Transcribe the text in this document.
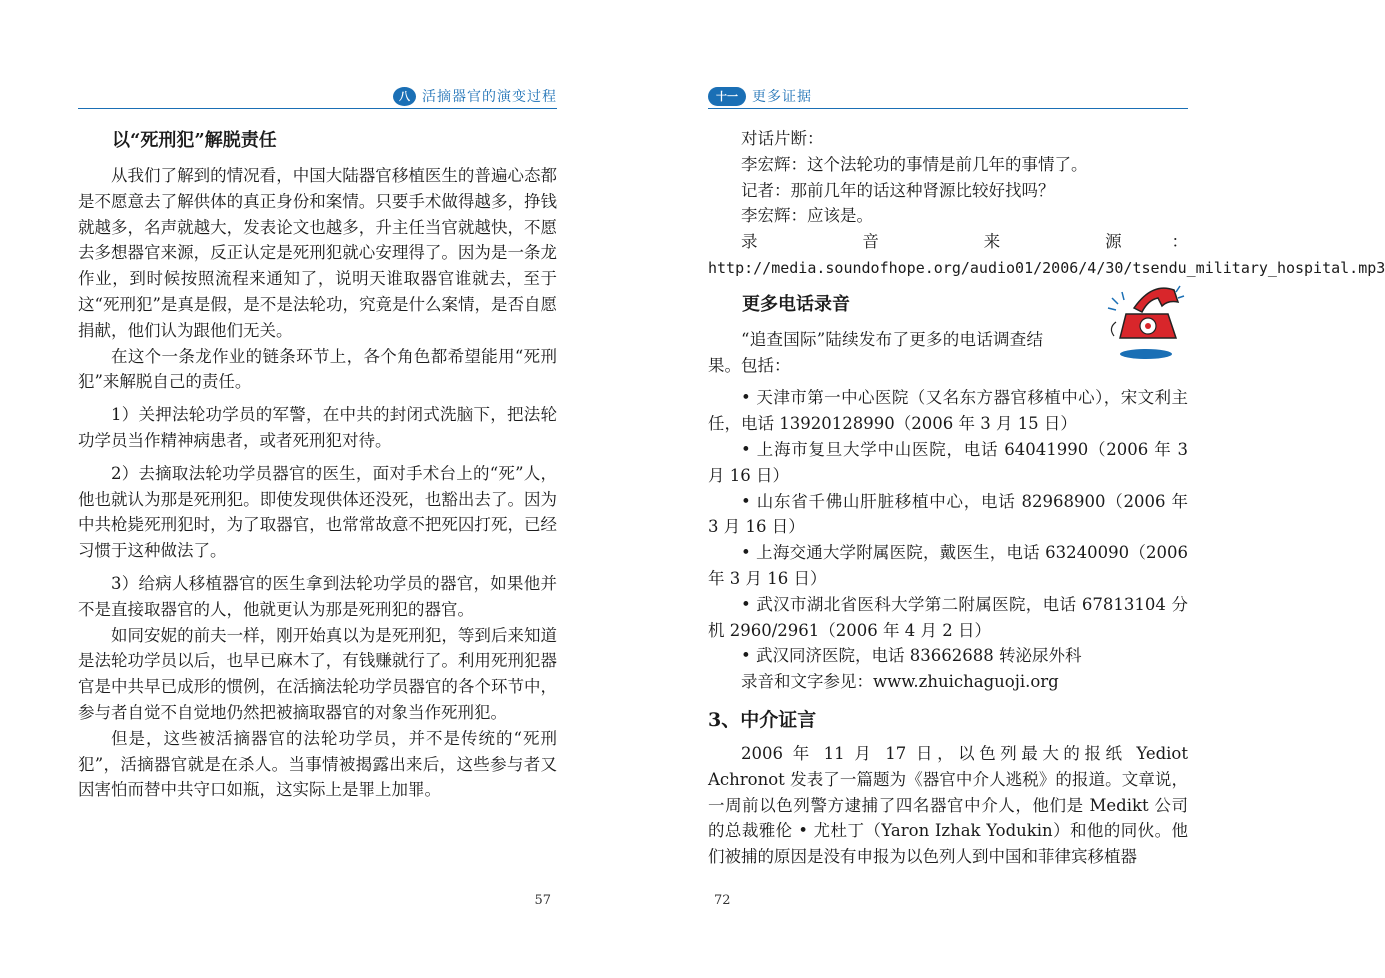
八 活摘器官的演变过程
以“死刑犯”解脱责任

从我们了解到的情况看，中国大陆器官移植医生的普遍心态都是不愿意去了解供体的真正身份和案情。只要手术做得越多，挣钱就越多，名声就越大，发表论文也越多，升主任当官就越快，不愿去多想器官来源，反正认定是死刑犯就心安理得了。因为是一条龙作业，到时候按照流程来通知了，说明天谁取器官谁就去，至于这“死刑犯”是真是假，是不是法轮功，究竟是什么案情，是否自愿捐献，他们认为跟他们无关。

在这个一条龙作业的链条环节上，各个角色都希望能用“死刑犯”来解脱自己的责任。

1）关押法轮功学员的军警，在中共的封闭式洗脑下，把法轮功学员当作精神病患者，或者死刑犯对待。

2）去摘取法轮功学员器官的医生，面对手术台上的“死”人，他也就认为那是死刑犯。即使发现供体还没死，也豁出去了。因为中共枪毙死刑犯时，为了取器官，也常常故意不把死囚打死，已经习惯于这种做法了。

3）给病人移植器官的医生拿到法轮功学员的器官，如果他并不是直接取器官的人，他就更认为那是死刑犯的器官。

如同安妮的前夫一样，刚开始真以为是死刑犯，等到后来知道是法轮功学员以后，也早已麻木了，有钱赚就行了。利用死刑犯器官是中共早已成形的惯例，在活摘法轮功学员器官的各个环节中，参与者自觉不自觉地仍然把被摘取器官的对象当作死刑犯。

但是，这些被活摘器官的法轮功学员，并不是传统的“死刑犯”，活摘器官就是在杀人。当事情被揭露出来后，这些参与者又因害怕而替中共守口如瓶，这实际上是罪上加罪。

57
十一	更多证据

对话片断：

李宏辉：这个法轮功的事情是前几年的事情了。

记者：那前几年的话这种肾源比较好找吗？

李宏辉：应该是。

录 音 来 源：http://media.soundofhope.org/audio01/2006/4/30/tsendu_military_hospital.mp3

更多电话录音

“追查国际”陆续发布了更多的电话调查结果。包括：

• 天津市第一中心医院（又名东方器官移植中心），宋文利主任，电话 13920128990（2006 年 3 月 15 日）

• 上海市复旦大学中山医院，电话 64041990（2006 年 3 月 16 日）

• 山东省千佛山肝脏移植中心，电话 82968900（2006 年 3 月 16 日）

• 上海交通大学附属医院，戴医生，电话 63240090（2006 年 3 月 16 日）

• 武汉市湖北省医科大学第二附属医院，电话 67813104 分机 2960/2961（2006 年 4 月 2 日）

• 武汉同济医院，电话 83662688 转泌尿外科

录音和文字参见：www.zhuichaguoji.org

3、中介证言

2006 年 11 月 17 日，以色列最大的报纸 Yediot Achronot 发表了一篇题为《器官中介人逃税》的报道。文章说，一周前以色列警方逮捕了四名器官中介人，他们是 Medikt 公司的总裁雅伦 • 尤杜丁（Yaron Izhak Yodukin）和他的同伙。他们被捕的原因是没有申报为以色列人到中国和菲律宾移植器

72
